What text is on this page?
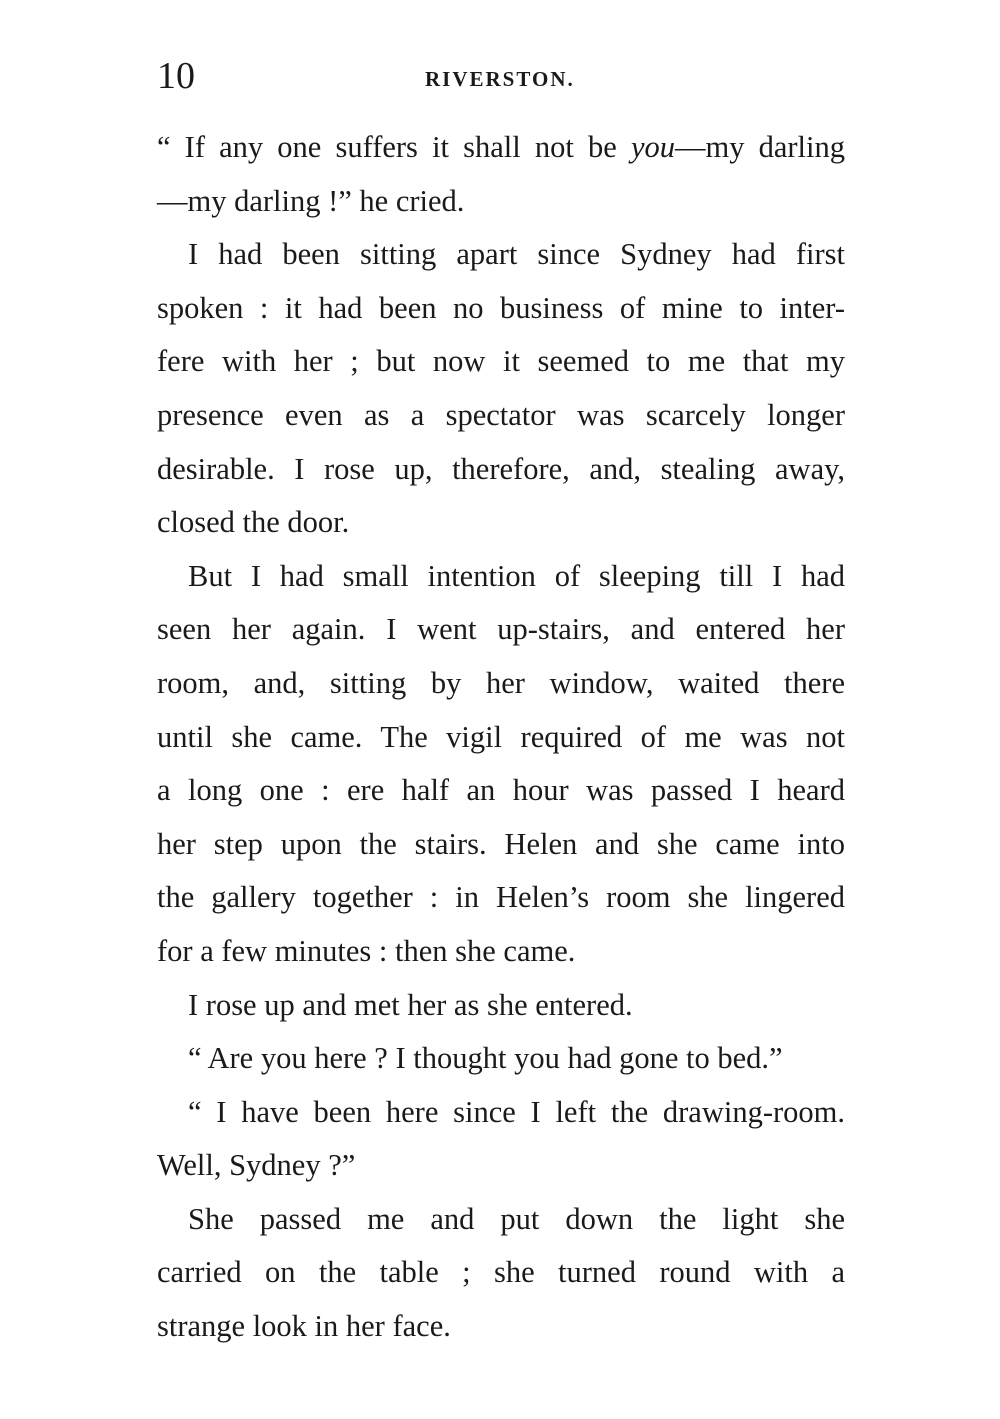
10	RIVERSTON.
“ If any one suffers it shall not be you—my darling
—my darling !” he cried.
I had been sitting apart since Sydney had first
spoken : it had been no business of mine to inter-
fere with her ; but now it seemed to me that my
presence even as a spectator was scarcely longer
desirable. I rose up, therefore, and, stealing away,
closed the door.
But I had small intention of sleeping till I had
seen her again. I went up-stairs, and entered her
room, and, sitting by her window, waited there
until she came. The vigil required of me was not
a long one : ere half an hour was passed I heard
her step upon the stairs. Helen and she came into
the gallery together : in Helen’s room she lingered
for a few minutes : then she came.
I rose up and met her as she entered.
“ Are you here ? I thought you had gone to bed.”
“ I have been here since I left the drawing-room.
Well, Sydney ?”
She passed me and put down the light she
carried on the table ; she turned round with a
strange look in her face.
